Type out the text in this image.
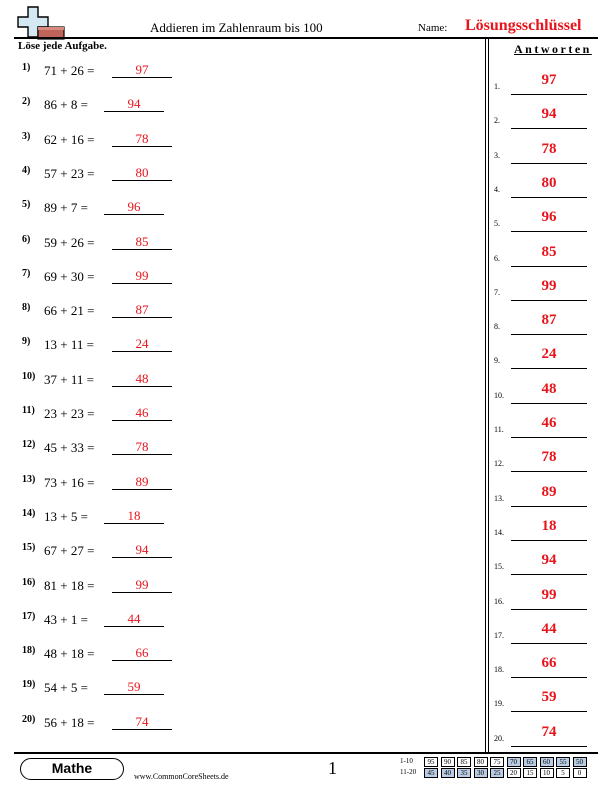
Addieren im Zahlenraum bis 100	Name: Lösungsschlüssel
Löse jede Aufgabe.	Antworten
1) 71 + 26 =	97
2) 86 + 8 =	94
3) 62 + 16 =	78
4) 57 + 23 =	80
5) 89 + 7 =	96
6) 59 + 26 =	85
7) 69 + 30 =	99
8) 66 + 21 =	87
9) 13 + 11 =	24
10) 37 + 11 =	48
11) 23 + 23 =	46
12) 45 + 33 =	78
13) 73 + 16 =	89
14) 13 + 5 =	18
15) 67 + 27 =	94
16) 81 + 18 =	99
17) 43 + 1 =	44
18) 48 + 18 =	66
19) 54 + 5 =	59
20) 56 + 18 =	74
1.	97
2.	94
3.	78
4.	80
5.	96
6.	85
7.	99
8.	87
9.	24
10.	48
11.	46
12.	78
13.	89
14.	18
15.	94
16.	99
17.	44
18.	66
19.	59
20.	74
Mathe
www.CommonCoreSheets.de	1	1-10	95	90	85	80	75	70	65	60	55	50
11-20	45	40	35	30	25	20	15	10	5	0
